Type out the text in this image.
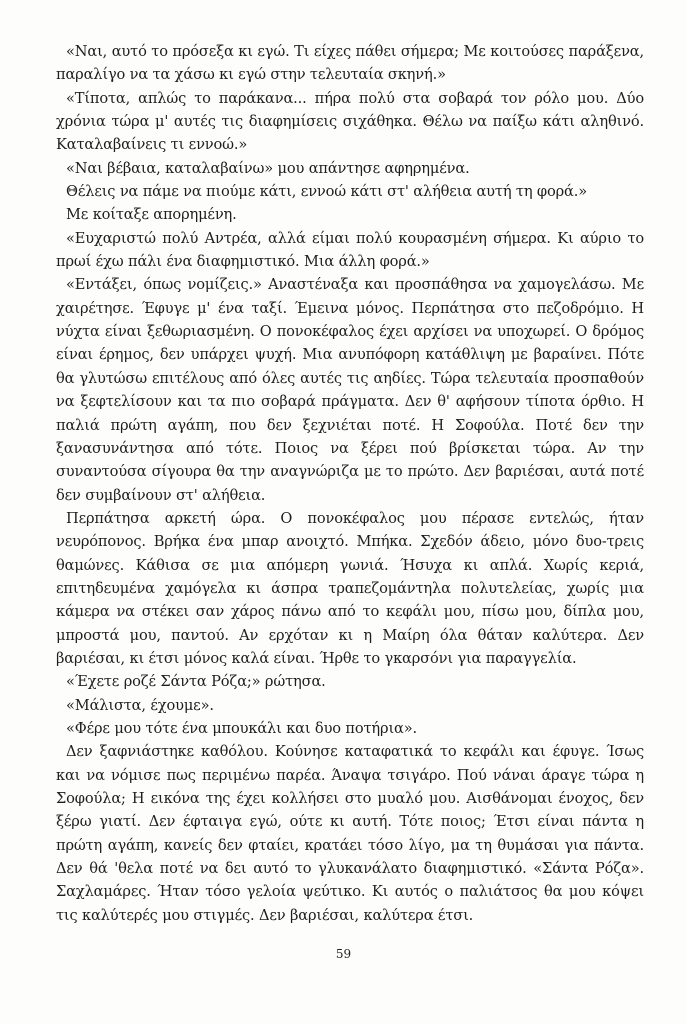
«Ναι, αυτό το πρόσεξα κι εγώ. Τι είχες πάθει σήμερα; Με κοιτούσες παράξενα, παραλίγο να τα χάσω κι εγώ στην τελευταία σκηνή.»

«Τίποτα, απλώς το παράκανα... πήρα πολύ στα σοβαρά τον ρόλο μου. Δύο χρόνια τώρα μ' αυτές τις διαφημίσεις σιχάθηκα. Θέλω να παίξω κάτι αληθινό. Καταλαβαίνεις τι εννοώ.»

«Ναι βέβαια, καταλαβαίνω» μου απάντησε αφηρημένα.

Θέλεις να πάμε να πιούμε κάτι, εννοώ κάτι στ' αλήθεια αυτή τη φορά.»

Με κοίταξε απορημένη.

«Ευχαριστώ πολύ Αντρέα, αλλά είμαι πολύ κουρασμένη σήμερα. Κι αύριο το πρωί έχω πάλι ένα διαφημιστικό. Μια άλλη φορά.»

«Εντάξει, όπως νομίζεις.» Αναστέναξα και προσπάθησα να χαμογελάσω. Με χαιρέτησε. Έφυγε μ' ένα ταξί. Έμεινα μόνος. Περπάτησα στο πεζοδρόμιο. Η νύχτα είναι ξεθωριασμένη. Ο πονοκέφαλος έχει αρχίσει να υποχωρεί. Ο δρόμος είναι έρημος, δεν υπάρχει ψυχή. Μια ανυπόφορη κατάθλιψη με βαραίνει. Πότε θα γλυτώσω επιτέλους από όλες αυτές τις αηδίες. Τώρα τελευταία προσπαθούν να ξεφτελίσουν και τα πιο σοβαρά πράγματα. Δεν θ' αφήσουν τίποτα όρθιο. Η παλιά πρώτη αγάπη, που δεν ξεχνιέται ποτέ. Η Σοφούλα. Ποτέ δεν την ξανασυνάντησα από τότε. Ποιος να ξέρει πού βρίσκεται τώρα. Αν την συναντούσα σίγουρα θα την αναγνώριζα με το πρώτο. Δεν βαριέσαι, αυτά ποτέ δεν συμβαίνουν στ' αλήθεια.

Περπάτησα αρκετή ώρα. Ο πονοκέφαλος μου πέρασε εντελώς, ήταν νευρόπονος. Βρήκα ένα μπαρ ανοιχτό. Μπήκα. Σχεδόν άδειο, μόνο δυο-τρεις θαμώνες. Κάθισα σε μια απόμερη γωνιά. Ήσυχα κι απλά. Χωρίς κεριά, επιτηδευμένα χαμόγελα κι άσπρα τραπεζομάντηλα πολυτελείας, χωρίς μια κάμερα να στέκει σαν χάρος πάνω από το κεφάλι μου, πίσω μου, δίπλα μου, μπροστά μου, παντού. Αν ερχόταν κι η Μαίρη όλα θάταν καλύτερα. Δεν βαριέσαι, κι έτσι μόνος καλά είναι. Ήρθε το γκαρσόνι για παραγγελία.

«Έχετε ροζέ Σάντα Ρόζα;» ρώτησα.

«Μάλιστα, έχουμε».

«Φέρε μου τότε ένα μπουκάλι και δυο ποτήρια».

Δεν ξαφνιάστηκε καθόλου. Κούνησε καταφατικά το κεφάλι και έφυγε. Ίσως και να νόμισε πως περιμένω παρέα. Άναψα τσιγάρο. Πού νάναι άραγε τώρα η Σοφούλα; Η εικόνα της έχει κολλήσει στο μυαλό μου. Αισθάνομαι ένοχος, δεν ξέρω γιατί. Δεν έφταιγα εγώ, ούτε κι αυτή. Τότε ποιος; Έτσι είναι πάντα η πρώτη αγάπη, κανείς δεν φταίει, κρατάει τόσο λίγο, μα τη θυμάσαι για πάντα. Δεν θά 'θελα ποτέ να δει αυτό το γλυκανάλατο διαφημιστικό. «Σάντα Ρόζα». Σαχλαμάρες. Ήταν τόσο γελοία ψεύτικο. Κι αυτός ο παλιάτσος θα μου κόψει τις καλύτερές μου στιγμές. Δεν βαριέσαι, καλύτερα έτσι.

59
